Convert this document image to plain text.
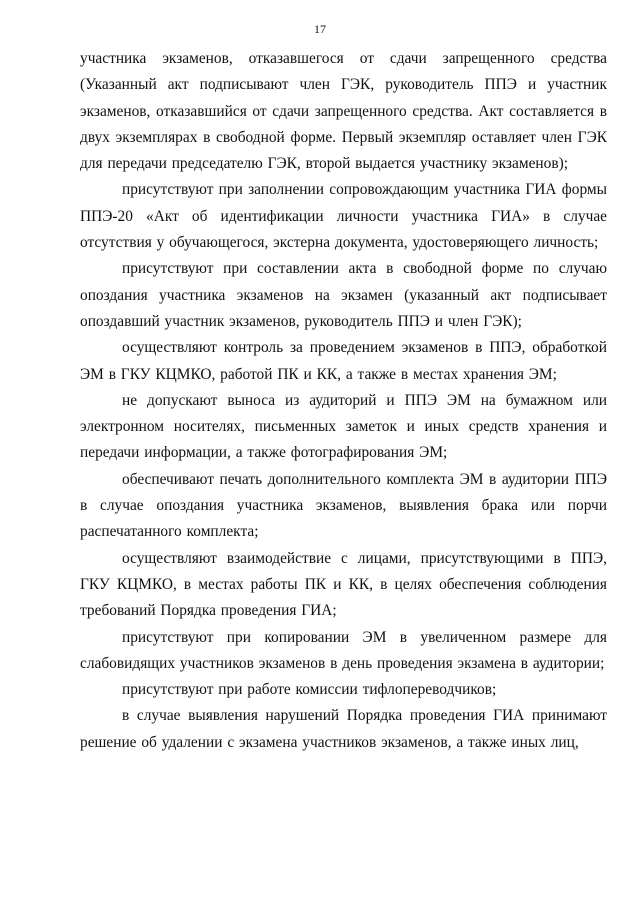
17

участника экзаменов, отказавшегося от сдачи запрещенного средства (Указанный акт подписывают член ГЭК, руководитель ППЭ и участник экзаменов, отказавшийся от сдачи запрещенного средства. Акт составляется в двух экземплярах в свободной форме. Первый экземпляр оставляет член ГЭК для передачи председателю ГЭК, второй выдается участнику экзаменов);

присутствуют при заполнении сопровождающим участника ГИА формы ППЭ-20 «Акт об идентификации личности участника ГИА» в случае отсутствия у обучающегося, экстерна документа, удостоверяющего личность;

присутствуют при составлении акта в свободной форме по случаю опоздания участника экзаменов на экзамен (указанный акт подписывает опоздавший участник экзаменов, руководитель ППЭ и член ГЭК);

осуществляют контроль за проведением экзаменов в ППЭ, обработкой ЭМ в ГКУ КЦМКО, работой ПК и КК, а также в местах хранения ЭМ;

не допускают выноса из аудиторий и ППЭ ЭМ на бумажном или электронном носителях, письменных заметок и иных средств хранения и передачи информации, а также фотографирования ЭМ;

обеспечивают печать дополнительного комплекта ЭМ в аудитории ППЭ в случае опоздания участника экзаменов, выявления брака или порчи распечатанного комплекта;

осуществляют взаимодействие с лицами, присутствующими в ППЭ, ГКУ КЦМКО, в местах работы ПК и КК, в целях обеспечения соблюдения требований Порядка проведения ГИА;

присутствуют при копировании ЭМ в увеличенном размере для слабовидящих участников экзаменов в день проведения экзамена в аудитории;

присутствуют при работе комиссии тифлопереводчиков;

в случае выявления нарушений Порядка проведения ГИА принимают решение об удалении с экзамена участников экзаменов, а также иных лиц,
